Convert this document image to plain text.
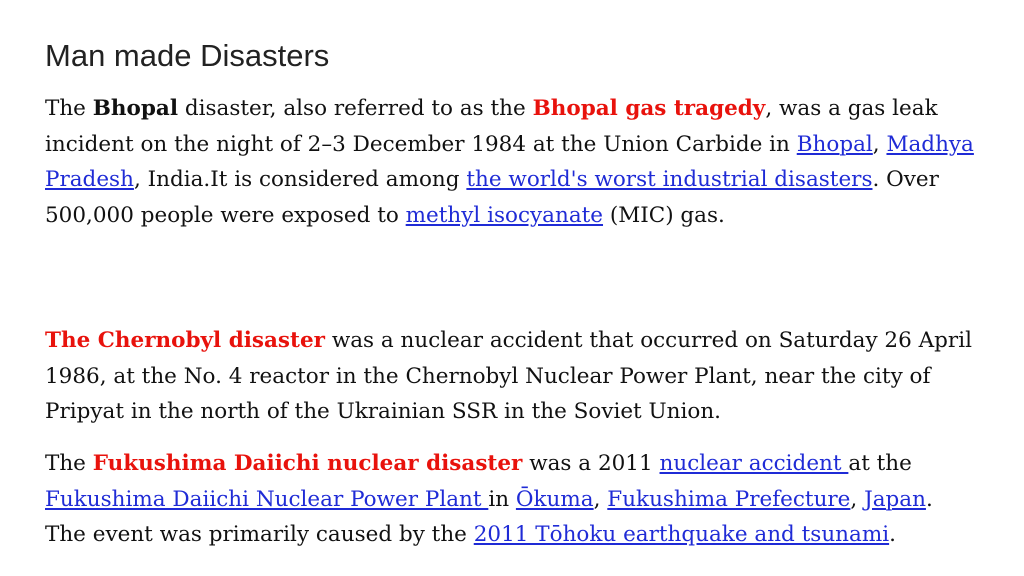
Man made Disasters

The Bhopal disaster, also referred to as the Bhopal gas tragedy, was a gas leak incident on the night of 2–3 December 1984 at the Union Carbide in Bhopal, Madhya Pradesh, India.It is considered among the world's worst industrial disasters. Over 500,000 people were exposed to methyl isocyanate (MIC) gas.

The Chernobyl disaster was a nuclear accident that occurred on Saturday 26 April 1986, at the No. 4 reactor in the Chernobyl Nuclear Power Plant, near the city of Pripyat in the north of the Ukrainian SSR in the Soviet Union.

The Fukushima Daiichi nuclear disaster was a 2011 nuclear accident at the Fukushima Daiichi Nuclear Power Plant in Ōkuma, Fukushima Prefecture, Japan. The event was primarily caused by the 2011 Tōhoku earthquake and tsunami.
